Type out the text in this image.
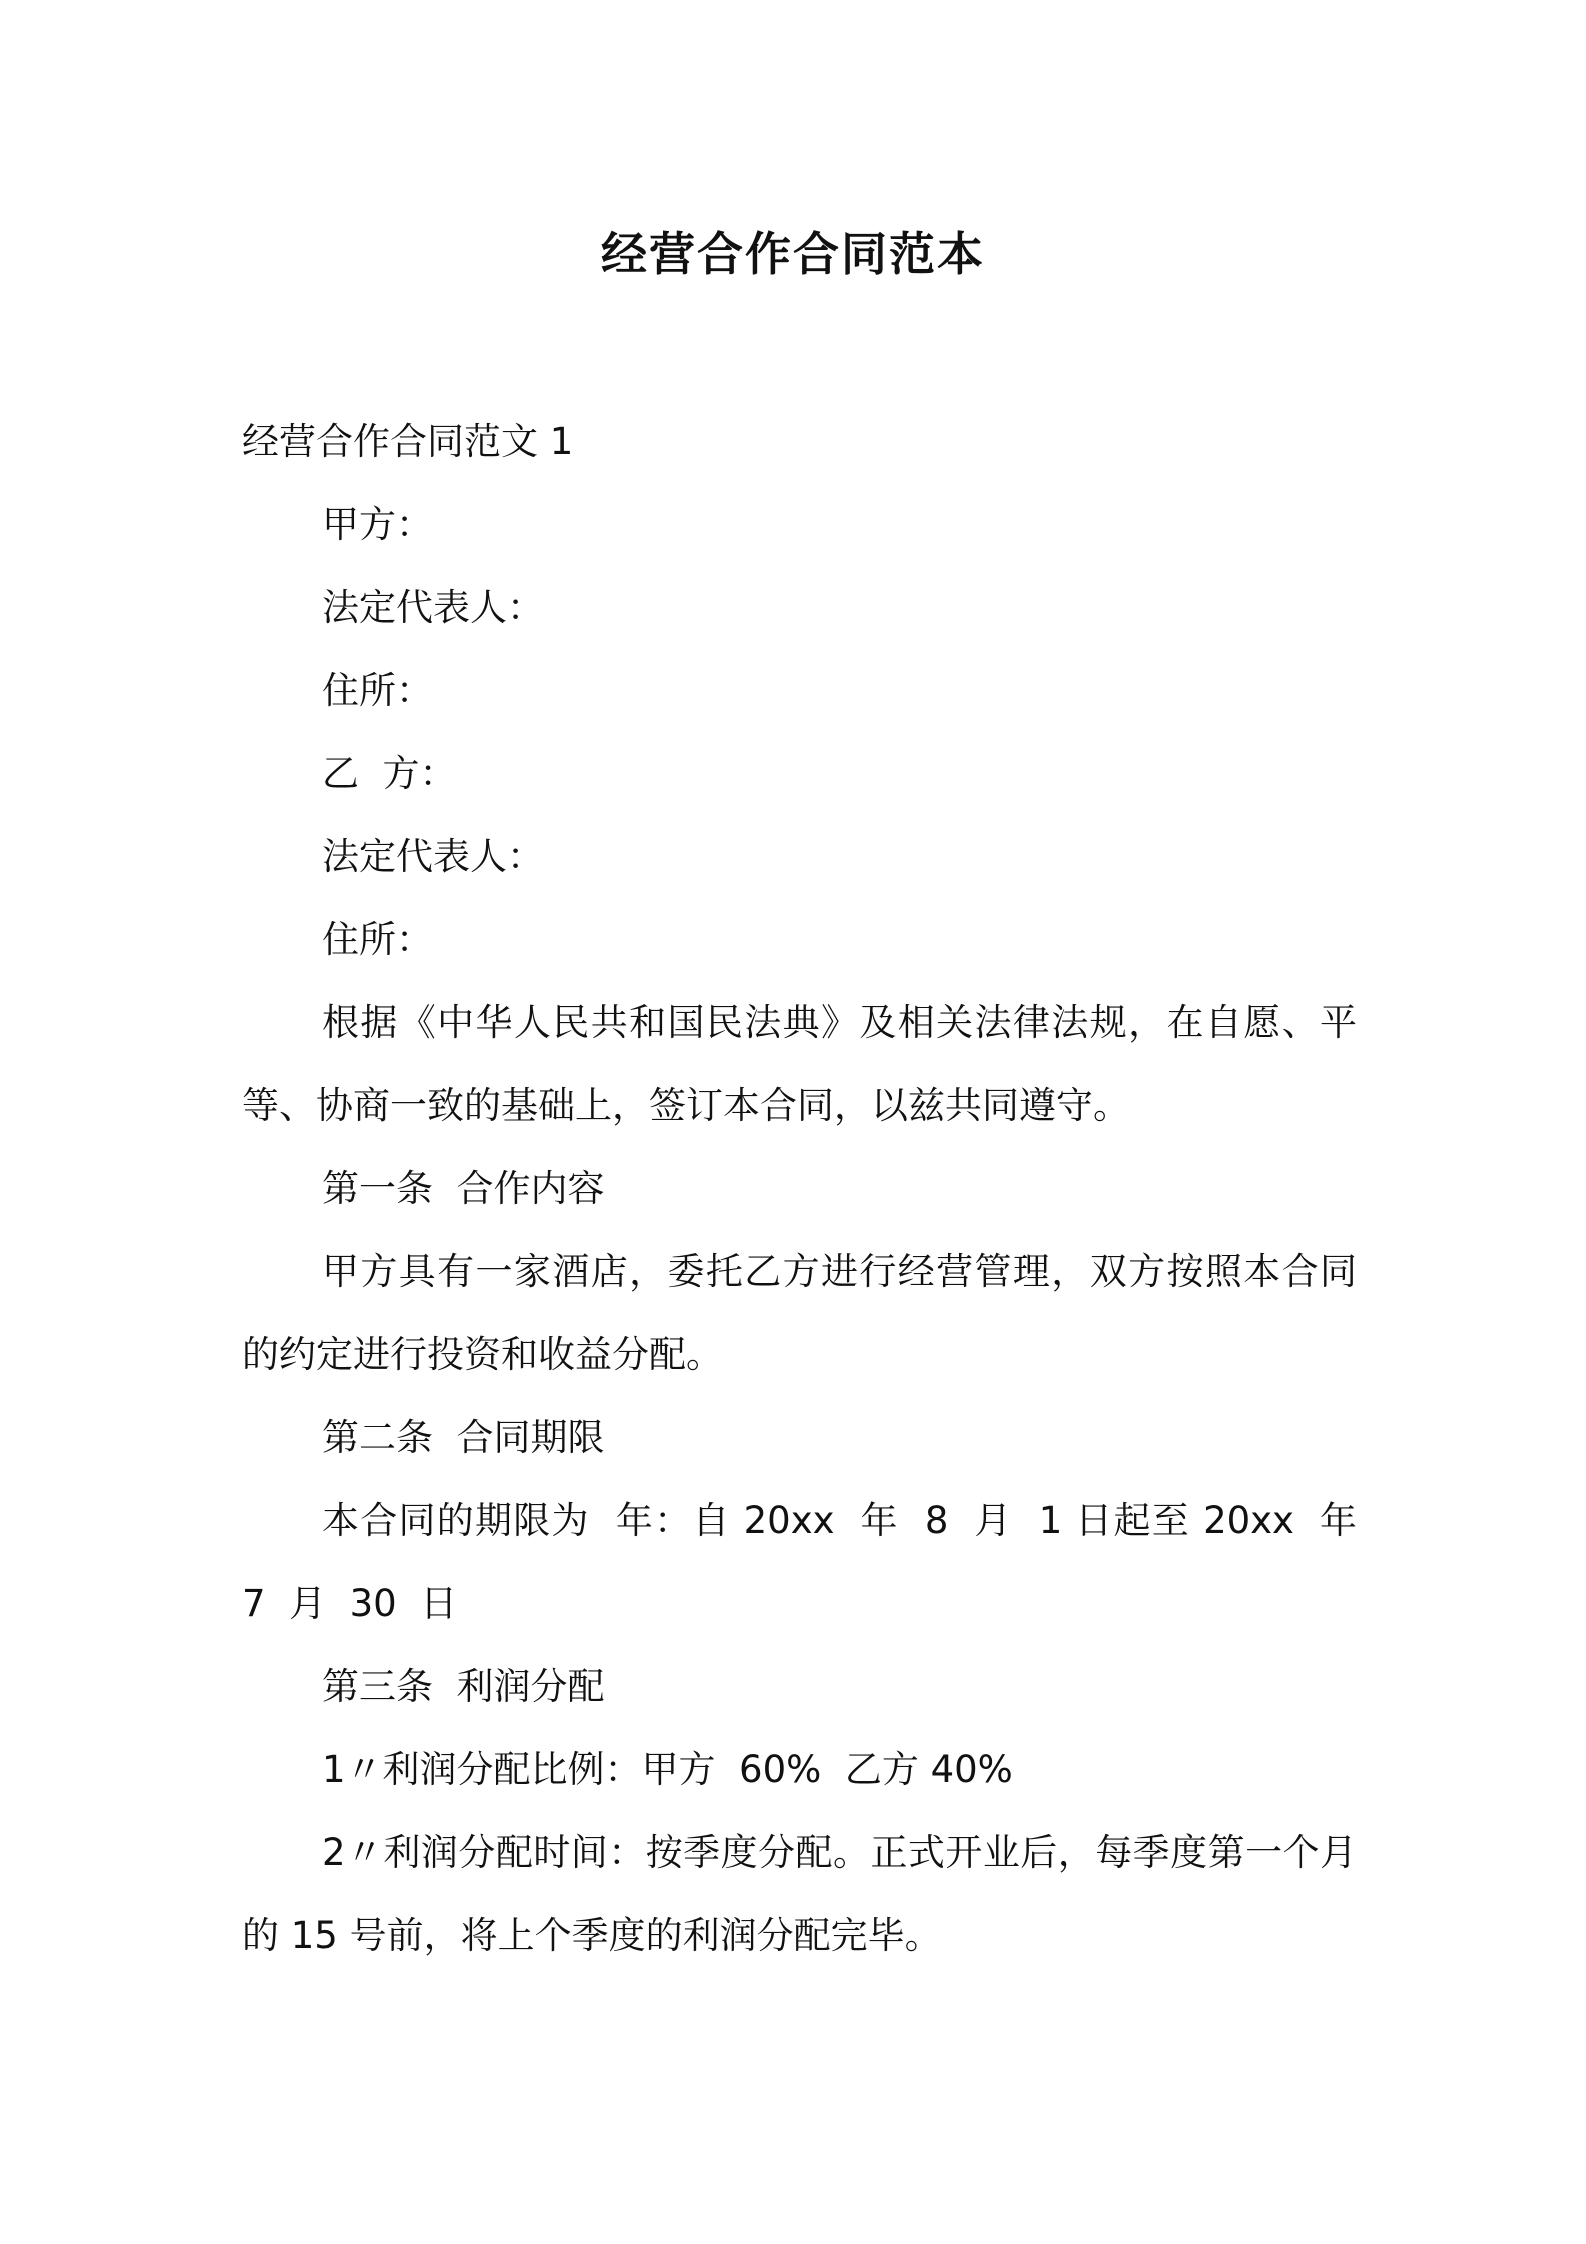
经营合作合同范本

经营合作合同范文 1

甲方：

法定代表人：

住所：

乙  方：

法定代表人：

住所：

根据《中华人民共和国民法典》及相关法律法规，在自愿、平等、协商一致的基础上，签订本合同，以兹共同遵守。

第一条  合作内容

甲方具有一家酒店，委托乙方进行经营管理，双方按照本合同的约定进行投资和收益分配。

第二条  合同期限

本合同的期限为  年：自 20xx  年  8  月  1 日起至 20xx  年  7  月  30  日

第三条  利润分配

1〃利润分配比例：甲方  60%  乙方 40%

2〃利润分配时间：按季度分配。正式开业后，每季度第一个月的 15 号前，将上个季度的利润分配完毕。
